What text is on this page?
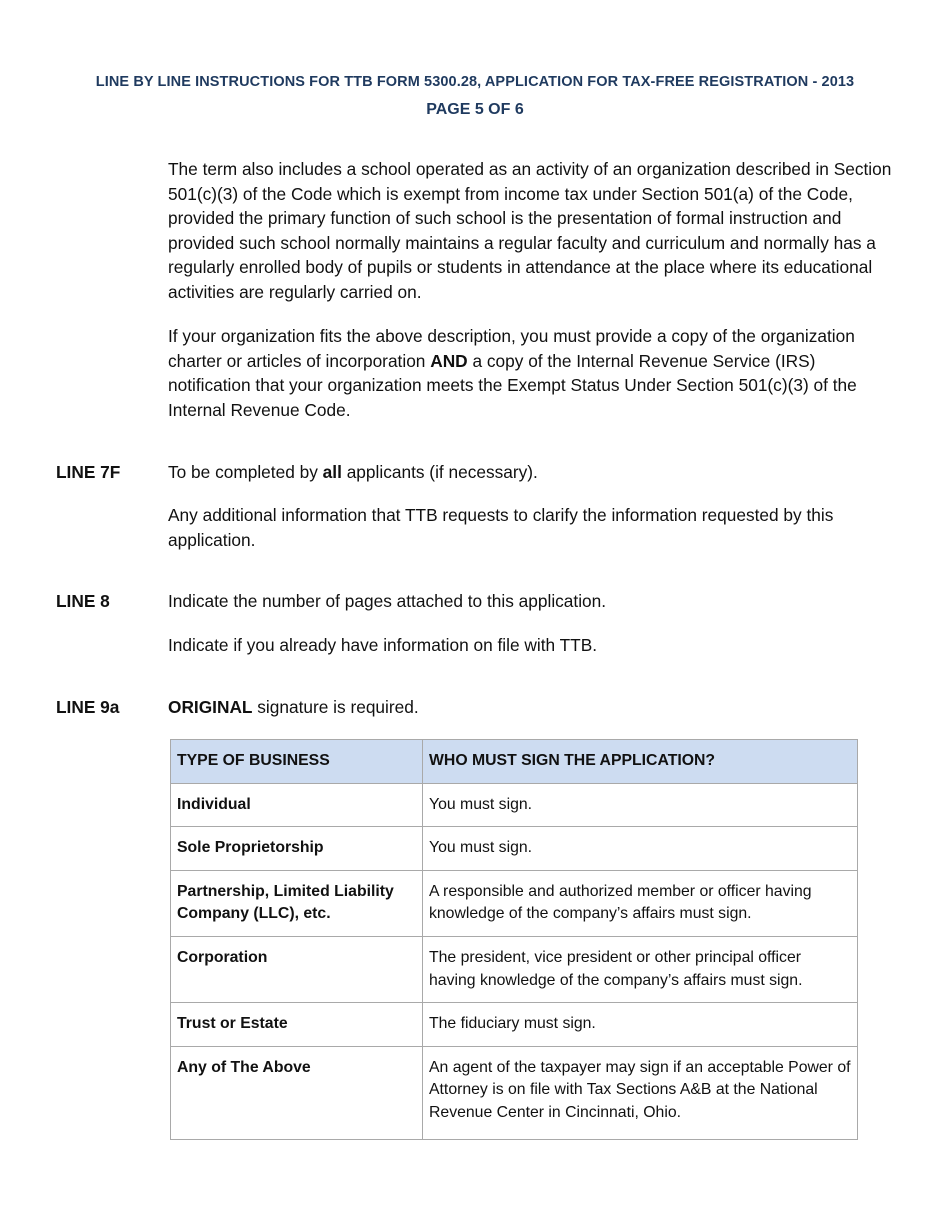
LINE BY LINE INSTRUCTIONS FOR TTB FORM 5300.28, APPLICATION FOR TAX-FREE REGISTRATION - 2013
PAGE 5 OF 6

The term also includes a school operated as an activity of an organization described in Section 501(c)(3) of the Code which is exempt from income tax under Section 501(a) of the Code, provided the primary function of such school is the presentation of formal instruction and provided such school normally maintains a regular faculty and curriculum and normally has a regularly enrolled body of pupils or students in attendance at the place where its educational activities are regularly carried on.

If your organization fits the above description, you must provide a copy of the organization charter or articles of incorporation AND a copy of the Internal Revenue Service (IRS) notification that your organization meets the Exempt Status Under Section 501(c)(3) of the Internal Revenue Code.

LINE 7F	To be completed by all applicants (if necessary).

Any additional information that TTB requests to clarify the information requested by this application.

LINE 8	Indicate the number of pages attached to this application.

Indicate if you already have information on file with TTB.

LINE 9a	ORIGINAL signature is required.

TYPE OF BUSINESS	WHO MUST SIGN THE APPLICATION?
Individual	You must sign.
Sole Proprietorship	You must sign.
Partnership, Limited Liability Company (LLC), etc.	A responsible and authorized member or officer having knowledge of the company’s affairs must sign.
Corporation	The president, vice president or other principal officer having knowledge of the company’s affairs must sign.
Trust or Estate	The fiduciary must sign.
Any of The Above	An agent of the taxpayer may sign if an acceptable Power of Attorney is on file with Tax Sections A&B at the National Revenue Center in Cincinnati, Ohio.
